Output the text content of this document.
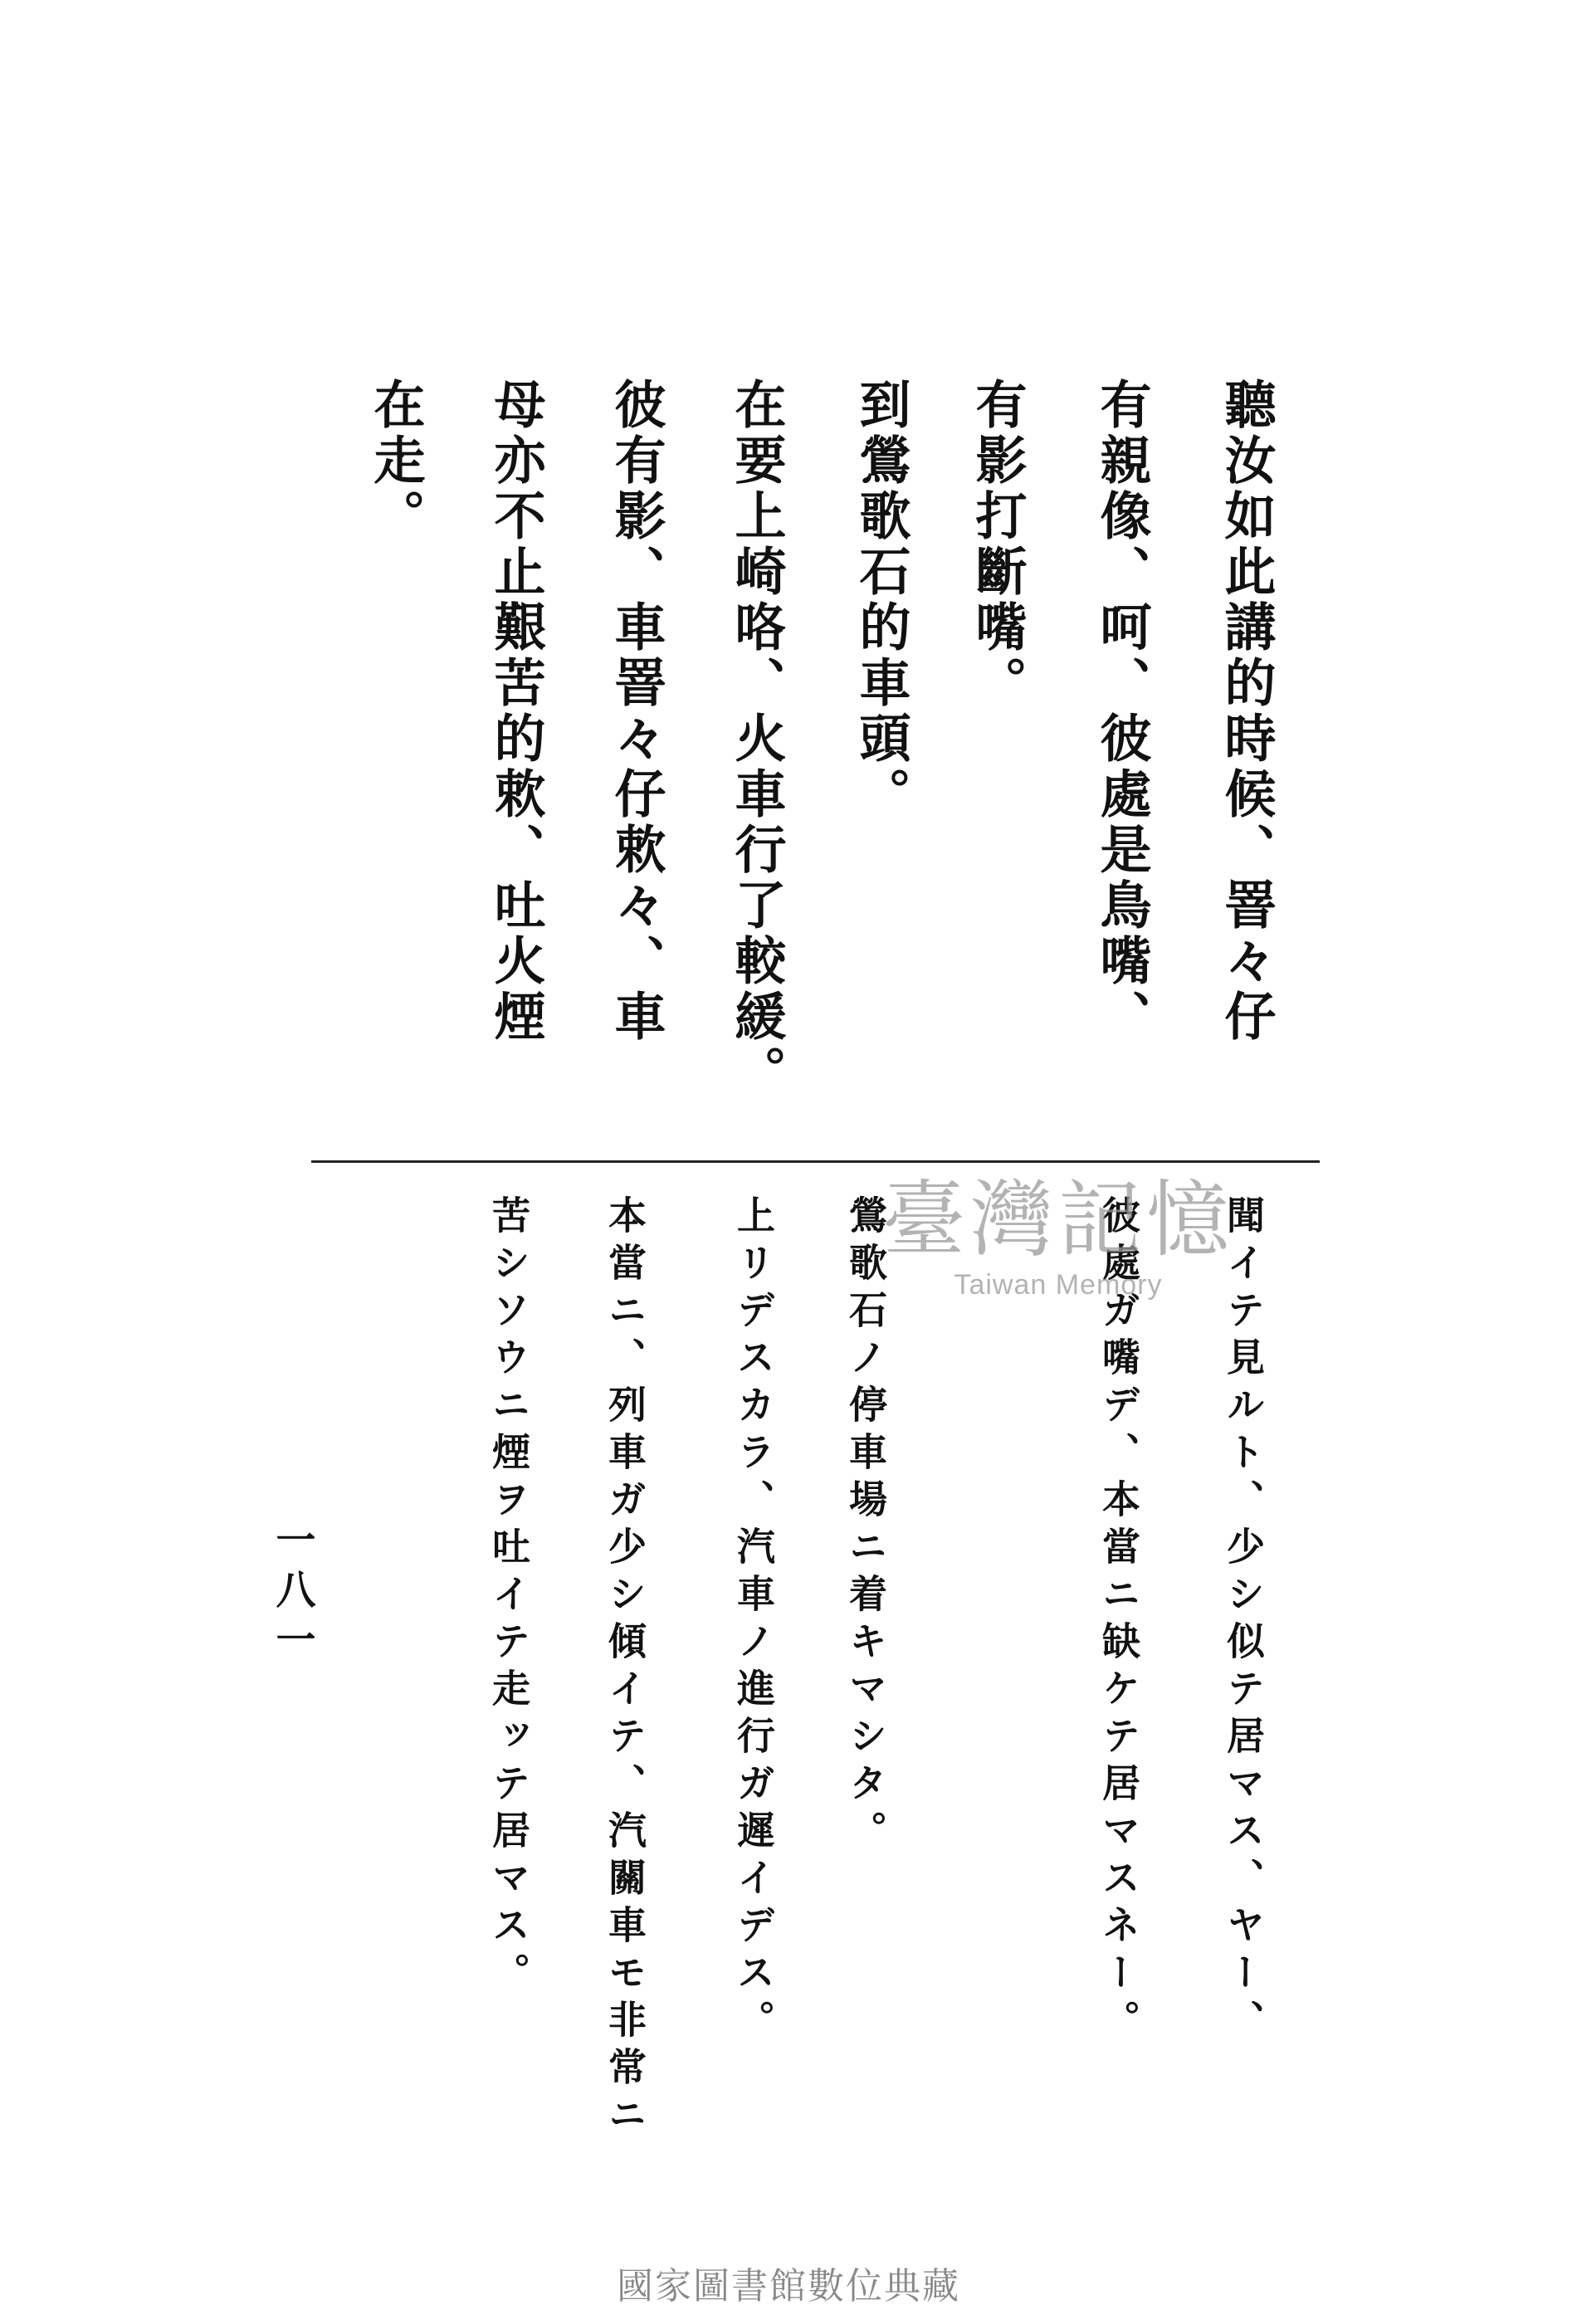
聽汝如此講的時候、罯々仔
有親像、呵、彼處是鳥嘴、
有影打斷嘴。
到鶯歌石的車頭。
在要上崎咯、火車行了較緩。
彼有影、車罯々仔欶々、車
母亦不止艱苦的欶、吐火煙
在走。
聞イテ見ルト、少シ似テ居マス、ヤー、
彼處ガ嘴デ、本當ニ缺ケテ居マスネー。
鶯歌石ノ停車場ニ着キマシタ。
上リデスカラ、汽車ノ進行ガ遲イデス。
本當ニ、列車ガ少シ傾イテ、汽關車モ非常ニ
苦シソウニ煙ヲ吐イテ走ッテ居マス。	臺灣記憶
Taiwan Memory
一八一
國家圖書館數位典藏
